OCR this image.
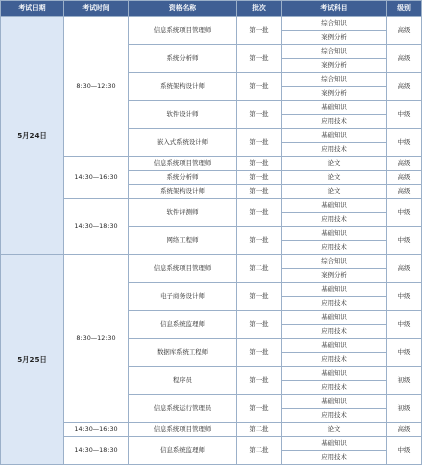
考试日期	考试时间	资格名称	批次	考试科目	级别
5月24日	8:30—12:30	信息系统项目管理师	第一批	综合知识	高级
				案例分析	
		系统分析师	第一批	综合知识	高级
				案例分析	
		系统架构设计师	第一批	综合知识	高级
				案例分析	
		软件设计师	第一批	基础知识	中级
				应用技术	
		嵌入式系统设计师	第一批	基础知识	中级
				应用技术	
	14:30—16:30	信息系统项目管理师	第一批	论文	高级
		系统分析师	第一批	论文	高级
		系统架构设计师	第一批	论文	高级
	14:30—18:30	软件评测师	第一批	基础知识	中级
				应用技术	
		网络工程师	第一批	基础知识	中级
				应用技术	
5月25日	8:30—12:30	信息系统项目管理师	第二批	综合知识	高级
				案例分析	
		电子商务设计师	第一批	基础知识	中级
				应用技术	
		信息系统监理师	第一批	基础知识	中级
				应用技术	
		数据库系统工程师	第一批	基础知识	中级
				应用技术	
		程序员	第一批	基础知识	初级
				应用技术	
		信息系统运行管理员	第一批	基础知识	初级
				应用技术	
	14:30—16:30	信息系统项目管理师	第二批	论文	高级
	14:30—18:30	信息系统监理师	第二批	基础知识	中级
				应用技术	
